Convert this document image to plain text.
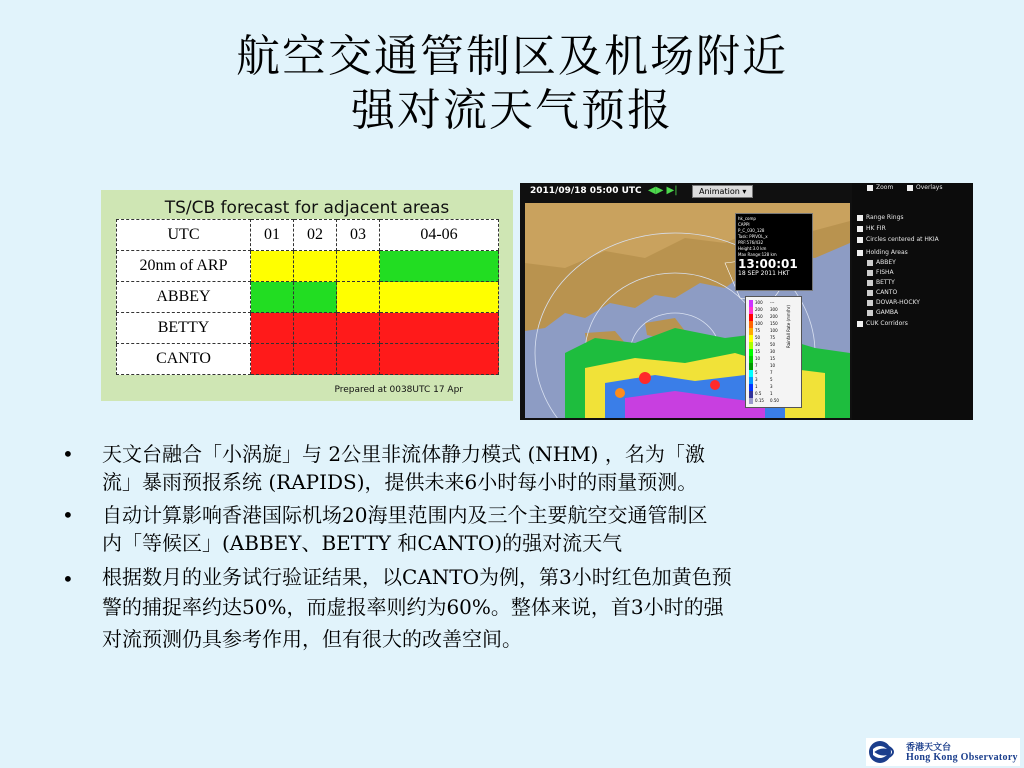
航空交通管制区及机场附近
强对流天气预报
TS/CB forecast for adjacent areas
UTC	01	02	03	04-06
20nm of ARP				
ABBEY				
BETTY				
CANTO				
Prepared at 0038UTC 17 Apr
2011/09/18 05:00 UTC ◀▶ ▶|	Animation ▾
hk_comp
CAPPI
P_C_030_128
Task: PPIVOL_x
PRF:576/432
Height:3.0 km
Max Range:128 km
13:00:01
18 SEP 2011 HKT
300 ---
200 300
150 200
100 150
75 100
50 75
30 50
15 30
10 15
7	10
5	7
3	5
1	3
0.5 1
0.15 0.50
Rainfall Rate (mm/hr)
Zoom	Overlays
Range Rings
HK FIR
Circles centered at HKIA
Holding Areas
ABBEY
FISHA
BETTY
CANTO
DOVAR-HOCKY
GAMBA
CUK Corridors
• 天文台融合「小涡旋」与 2公里非流体静力模式 (NHM) ，名为「激
流」暴雨预报系统 (RAPIDS)，提供未来6小时每小时的雨量预测。
• 自动计算影响香港国际机场20海里范围内及三个主要航空交通管制区
内「等候区」(ABBEY、BETTY 和CANTO)的强对流天气
• 根据数月的业务试行验证结果，以CANTO为例，第3小时红色加黄色预
警的捕捉率约达50%，而虚报率则约为60%。整体来说，首3小时的强
对流预测仍具参考作用，但有很大的改善空间。
香港天文台
Hong Kong Observatory
